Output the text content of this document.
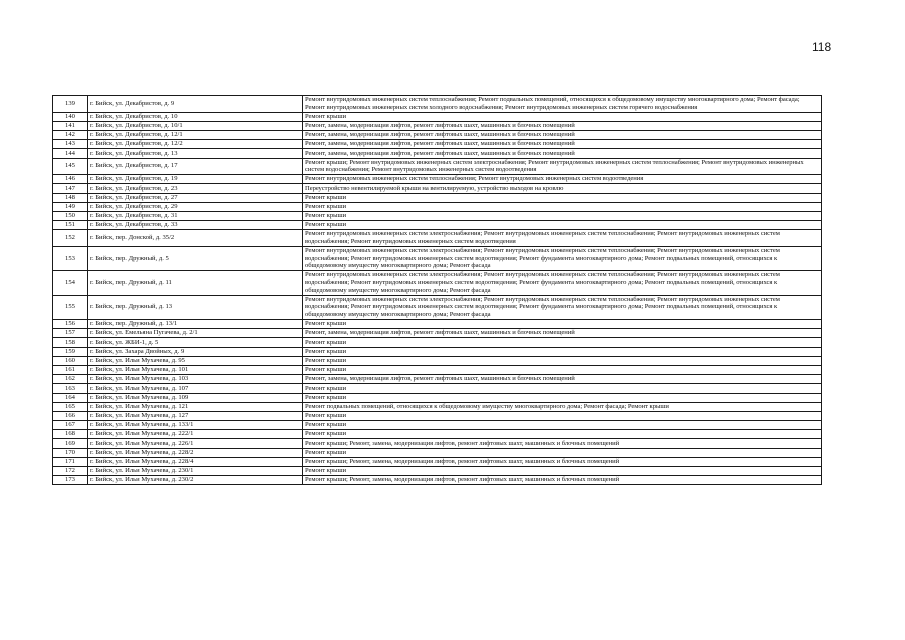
118
139	г. Бийск, ул. Декабристов, д. 9	Ремонт внутридомовых инженерных систем теплоснабжения; Ремонт подвальных помещений, относящихся к общедомовому имуществу многоквартирного дома; Ремонт фасада; Ремонт внутридомовых инженерных систем холодного водоснабжения; Ремонт внутридомовых инженерных систем горячего водоснабжения
140	г. Бийск, ул. Декабристов, д. 10	Ремонт крыши
141	г. Бийск, ул. Декабристов, д. 10/1	Ремонт, замена, модернизация лифтов, ремонт лифтовых шахт, машинных и блочных помещений
142	г. Бийск, ул. Декабристов, д. 12/1	Ремонт, замена, модернизация лифтов, ремонт лифтовых шахт, машинных и блочных помещений
143	г. Бийск, ул. Декабристов, д. 12/2	Ремонт, замена, модернизация лифтов, ремонт лифтовых шахт, машинных и блочных помещений
144	г. Бийск, ул. Декабристов, д. 13	Ремонт, замена, модернизация лифтов, ремонт лифтовых шахт, машинных и блочных помещений
145	г. Бийск, ул. Декабристов, д. 17	Ремонт крыши; Ремонт внутридомовых инженерных систем электроснабжения; Ремонт внутридомовых инженерных систем теплоснабжения; Ремонт внутридомовых инженерных систем водоснабжения; Ремонт внутридомовых инженерных систем водоотведения
146	г. Бийск, ул. Декабристов, д. 19	Ремонт внутридомовых инженерных систем теплоснабжения; Ремонт внутридомовых инженерных систем водоотведения
147	г. Бийск, ул. Декабристов, д. 23	Переустройство невентилируемой крыши на вентилируемую, устройство выходов на кровлю
148	г. Бийск, ул. Декабристов, д. 27	Ремонт крыши
149	г. Бийск, ул. Декабристов, д. 29	Ремонт крыши
150	г. Бийск, ул. Декабристов, д. 31	Ремонт крыши
151	г. Бийск, ул. Декабристов, д. 33	Ремонт крыши
152	г. Бийск, пер. Донской, д. 35/2	Ремонт внутридомовых инженерных систем электроснабжения; Ремонт внутридомовых инженерных систем теплоснабжения; Ремонт внутридомовых инженерных систем водоснабжения; Ремонт внутридомовых инженерных систем водоотведения
153	г. Бийск, пер. Дружный, д. 5	Ремонт внутридомовых инженерных систем электроснабжения; Ремонт внутридомовых инженерных систем теплоснабжения; Ремонт внутридомовых инженерных систем водоснабжения; Ремонт внутридомовых инженерных систем водоотведения; Ремонт фундамента многоквартирного дома; Ремонт подвальных помещений, относящихся к общедомовому имуществу многоквартирного дома; Ремонт фасада
154	г. Бийск, пер. Дружный, д. 11	Ремонт внутридомовых инженерных систем электроснабжения; Ремонт внутридомовых инженерных систем теплоснабжения; Ремонт внутридомовых инженерных систем водоснабжения; Ремонт внутридомовых инженерных систем водоотведения; Ремонт фундамента многоквартирного дома; Ремонт подвальных помещений, относящихся к общедомовому имуществу многоквартирного дома; Ремонт фасада
155	г. Бийск, пер. Дружный, д. 13	Ремонт внутридомовых инженерных систем электроснабжения; Ремонт внутридомовых инженерных систем теплоснабжения; Ремонт внутридомовых инженерных систем водоснабжения; Ремонт внутридомовых инженерных систем водоотведения; Ремонт фундамента многоквартирного дома; Ремонт подвальных помещений, относящихся к общедомовому имуществу многоквартирного дома; Ремонт фасада
156	г. Бийск, пер. Дружный, д. 13/1	Ремонт крыши
157	г. Бийск, ул. Емельяна Пугачева, д. 2/1	Ремонт, замена, модернизация лифтов, ремонт лифтовых шахт, машинных и блочных помещений
158	г. Бийск, ул. ЖБИ-1, д. 5	Ремонт крыши
159	г. Бийск, ул. Захара Двойных, д. 9	Ремонт крыши
160	г. Бийск, ул. Ильи Мухачева, д. 95	Ремонт крыши
161	г. Бийск, ул. Ильи Мухачева, д. 101	Ремонт крыши
162	г. Бийск, ул. Ильи Мухачева, д. 103	Ремонт, замена, модернизация лифтов, ремонт лифтовых шахт, машинных и блочных помещений
163	г. Бийск, ул. Ильи Мухачева, д. 107	Ремонт крыши
164	г. Бийск, ул. Ильи Мухачева, д. 109	Ремонт крыши
165	г. Бийск, ул. Ильи Мухачева, д. 121	Ремонт подвальных помещений, относящихся к общедомовому имуществу многоквартирного дома; Ремонт фасада; Ремонт крыши
166	г. Бийск, ул. Ильи Мухачева, д. 127	Ремонт крыши
167	г. Бийск, ул. Ильи Мухачева, д. 133/1	Ремонт крыши
168	г. Бийск, ул. Ильи Мухачева, д. 222/1	Ремонт крыши
169	г. Бийск, ул. Ильи Мухачева, д. 226/1	Ремонт крыши; Ремонт, замена, модернизация лифтов, ремонт лифтовых шахт, машинных и блочных помещений
170	г. Бийск, ул. Ильи Мухачева, д. 228/2	Ремонт крыши
171	г. Бийск, ул. Ильи Мухачева, д. 228/4	Ремонт крыши; Ремонт, замена, модернизация лифтов, ремонт лифтовых шахт, машинных и блочных помещений
172	г. Бийск, ул. Ильи Мухачева, д. 230/1	Ремонт крыши
173	г. Бийск, ул. Ильи Мухачева, д. 230/2	Ремонт крыши; Ремонт, замена, модернизация лифтов, ремонт лифтовых шахт, машинных и блочных помещений
